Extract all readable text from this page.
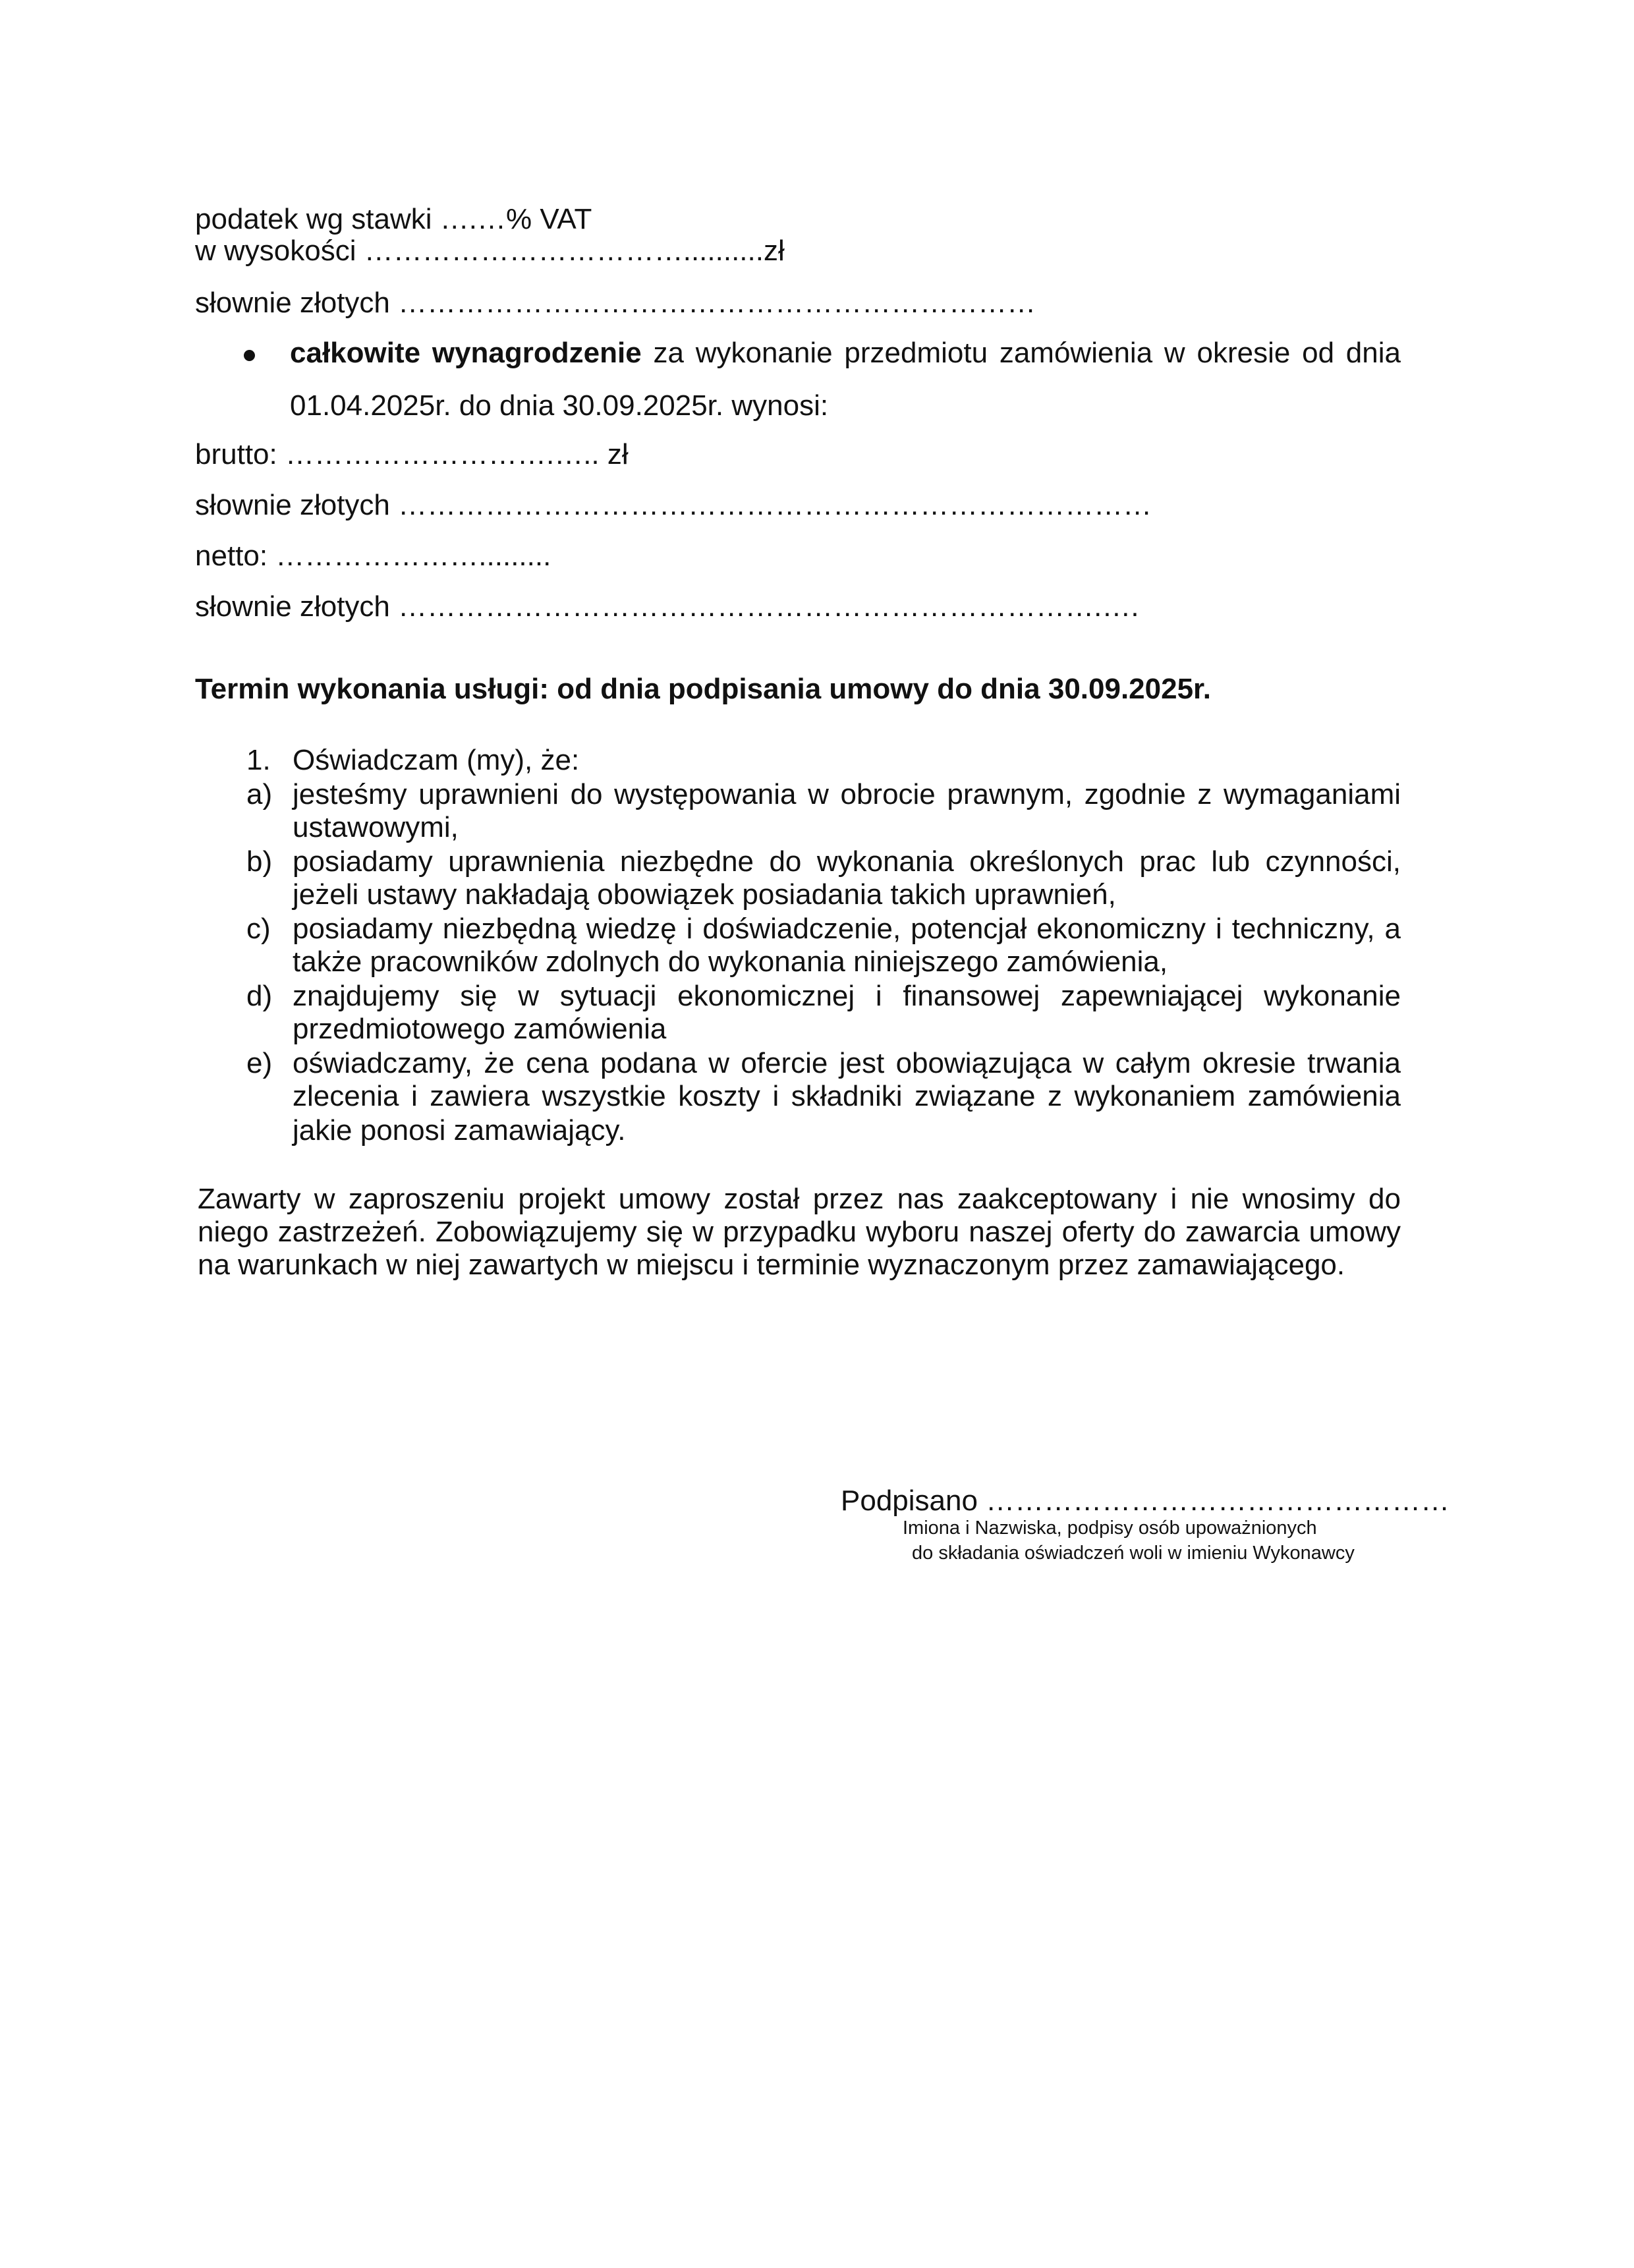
podatek wg stawki ….…% VAT
w wysokości ……………………………..........zł
słownie złotych …………………………………………………………
całkowite wynagrodzenie za wykonanie przedmiotu zamówienia w okresie od dnia
01.04.2025r. do dnia 30.09.2025r. wynosi:
brutto: ……………………….….. zł
słownie złotych ……………………………………………………………………
netto: ………………….........
słownie złotych ……………………………………………………………….….
Termin wykonania usługi: od dnia podpisania umowy do dnia 30.09.2025r.
1. Oświadczam (my), że:
a) jesteśmy uprawnieni do występowania w obrocie prawnym, zgodnie z wymaganiami
ustawowymi,
b) posiadamy uprawnienia niezbędne do wykonania określonych prac lub czynności,
jeżeli ustawy nakładają obowiązek posiadania takich uprawnień,
c) posiadamy niezbędną wiedzę i doświadczenie, potencjał ekonomiczny i techniczny, a
także pracowników zdolnych do wykonania niniejszego zamówienia,
d) znajdujemy się w sytuacji ekonomicznej i finansowej zapewniającej wykonanie
przedmiotowego zamówienia
e) oświadczamy, że cena podana w ofercie jest obowiązująca w całym okresie trwania
zlecenia i zawiera wszystkie koszty i składniki związane z wykonaniem zamówienia
jakie ponosi zamawiający.
Zawarty w zaproszeniu projekt umowy został przez nas zaakceptowany i nie wnosimy do
niego zastrzeżeń. Zobowiązujemy się w przypadku wyboru naszej oferty do zawarcia umowy
na warunkach w niej zawartych w miejscu i terminie wyznaczonym przez zamawiającego.
Podpisano …………………………………………
Imiona i Nazwiska, podpisy osób upoważnionych
do składania oświadczeń woli w imieniu Wykonawcy
